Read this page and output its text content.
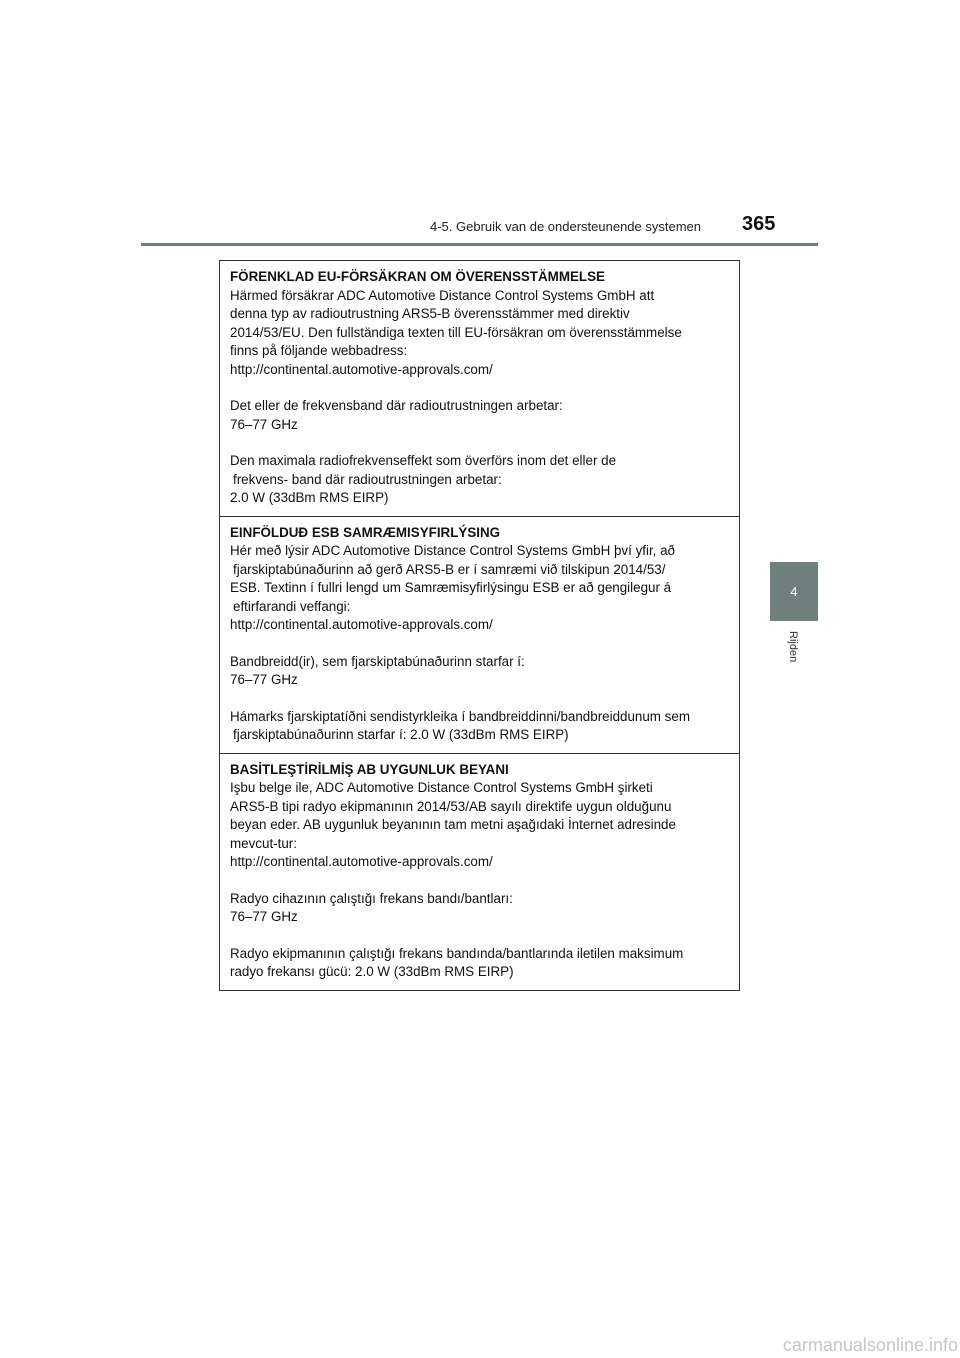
4-5. Gebruik van de ondersteunende systemen 365
4
Rijden

FÖRENKLAD EU-FÖRSÄKRAN OM ÖVERENSSTÄMMELSE

Härmed försäkrar ADC Automotive Distance Control Systems GmbH att

denna typ av radioutrustning ARS5-B överensstämmer med direktiv

2014/53/EU. Den fullständiga texten till EU-försäkran om överensstämmelse

finns på följande webbadress:

http://continental.automotive-approvals.com/

Det eller de frekvensband där radioutrustningen arbetar:

76–77 GHz

Den maximala radiofrekvenseffekt som överförs inom det eller de

frekvens- band där radioutrustningen arbetar:

2.0 W (33dBm RMS EIRP)

EINFÖLDUÐ ESB SAMRÆMISYFIRLÝSING

Hér með lýsir ADC Automotive Distance Control Systems GmbH því yfir, að

fjarskiptabúnaðurinn að gerð ARS5-B er í samræmi við tilskipun 2014/53/

ESB. Textinn í fullri lengd um Samræmisyfirlýsingu ESB er að gengilegur á

eftirfarandi veffangi:

http://continental.automotive-approvals.com/

Bandbreidd(ir), sem fjarskiptabúnaðurinn starfar í:

76–77 GHz

Hámarks fjarskiptatíðni sendistyrkleika í bandbreiddinni/bandbreiddunum sem

fjarskiptabúnaðurinn starfar í: 2.0 W (33dBm RMS EIRP)

BASİTLEŞTİRİLMİŞ AB UYGUNLUK BEYANI

Işbu belge ile, ADC Automotive Distance Control Systems GmbH şirketi

ARS5-B tipi radyo ekipmanının 2014/53/AB sayılı direktife uygun olduğunu

beyan eder. AB uygunluk beyanının tam metni aşağıdaki İnternet adresinde

mevcut-tur:

http://continental.automotive-approvals.com/

Radyo cihazının çalıştığı frekans bandı/bantları:

76–77 GHz

Radyo ekipmanının çalıştığı frekans bandında/bantlarında iletilen maksimum

radyo frekansı gücü: 2.0 W (33dBm RMS EIRP)

carmanualsonline.info
